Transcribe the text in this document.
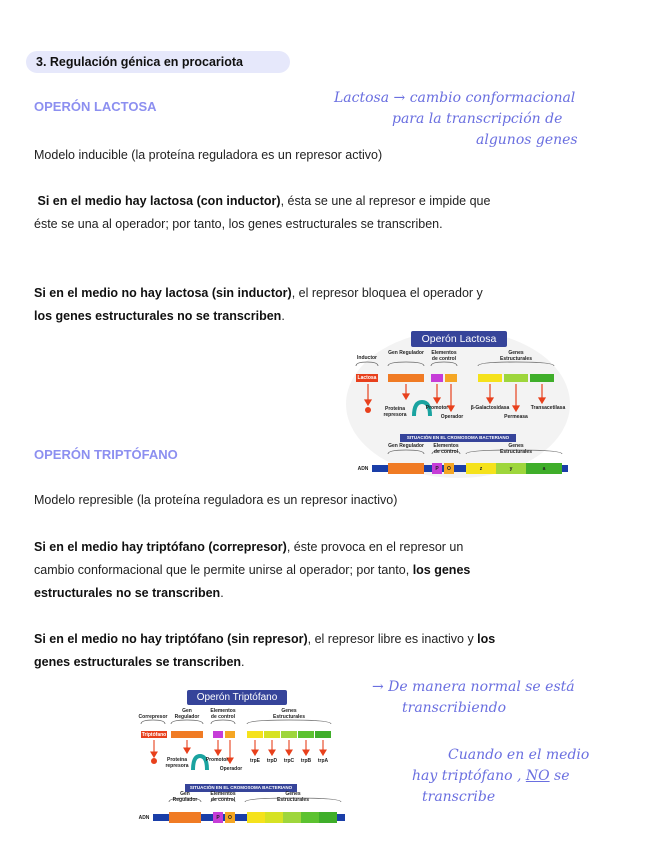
3. Regulación génica en procariota
OPERÓN LACTOSA
Lactosa → cambio conformacional
para la transcripción de
algunos genes
Modelo inducible (la proteína reguladora es un represor activo)
Si en el medio hay lactosa (con inductor), ésta se une al represor e impide que éste se una al operador; por tanto, los genes estructurales se transcriben.
Si en el medio no hay lactosa (sin inductor), el represor bloquea el operador y los genes estructurales no se transcriben.
Operón Lactosa
Inductor
Gen Regulador	Elementos de control
Genes Estructurales
Lactosa
Proteína represora
Promotor
Operador
β-Galactosidasa
Permeasa
Transacetilasa
SITUACIÓN EN EL CROMOSOMA BACTERIANO
Gen Regulador	Elementos de control
Genes Estructurales
ADN	P	O	z	y	a
OPERÓN TRIPTÓFANO
Modelo represible (la proteína reguladora es un represor inactivo)
Si en el medio hay triptófano (correpresor), éste provoca en el represor un cambio conformacional que le permite unirse al operador; por tanto, los genes estructurales no se transcriben.
Si en el medio no hay triptófano (sin represor), el represor libre es inactivo y los genes estructurales se transcriben.
→ De manera normal se está
transcribiendo
Cuando en el medio
hay triptófano , NO se
transcribe
Operón Triptófano
Correpresor
Gen Regulador
Elementos de control
Genes Estructurales
Triptófano
Proteína represora
Promotor
Operador
trpE	trpD	trpC	trpB	trpA
SITUACIÓN EN EL CROMOSOMA BACTERIANO
Gen Regulador
Elementos de control
Genes Estructurales
ADN	P	O
